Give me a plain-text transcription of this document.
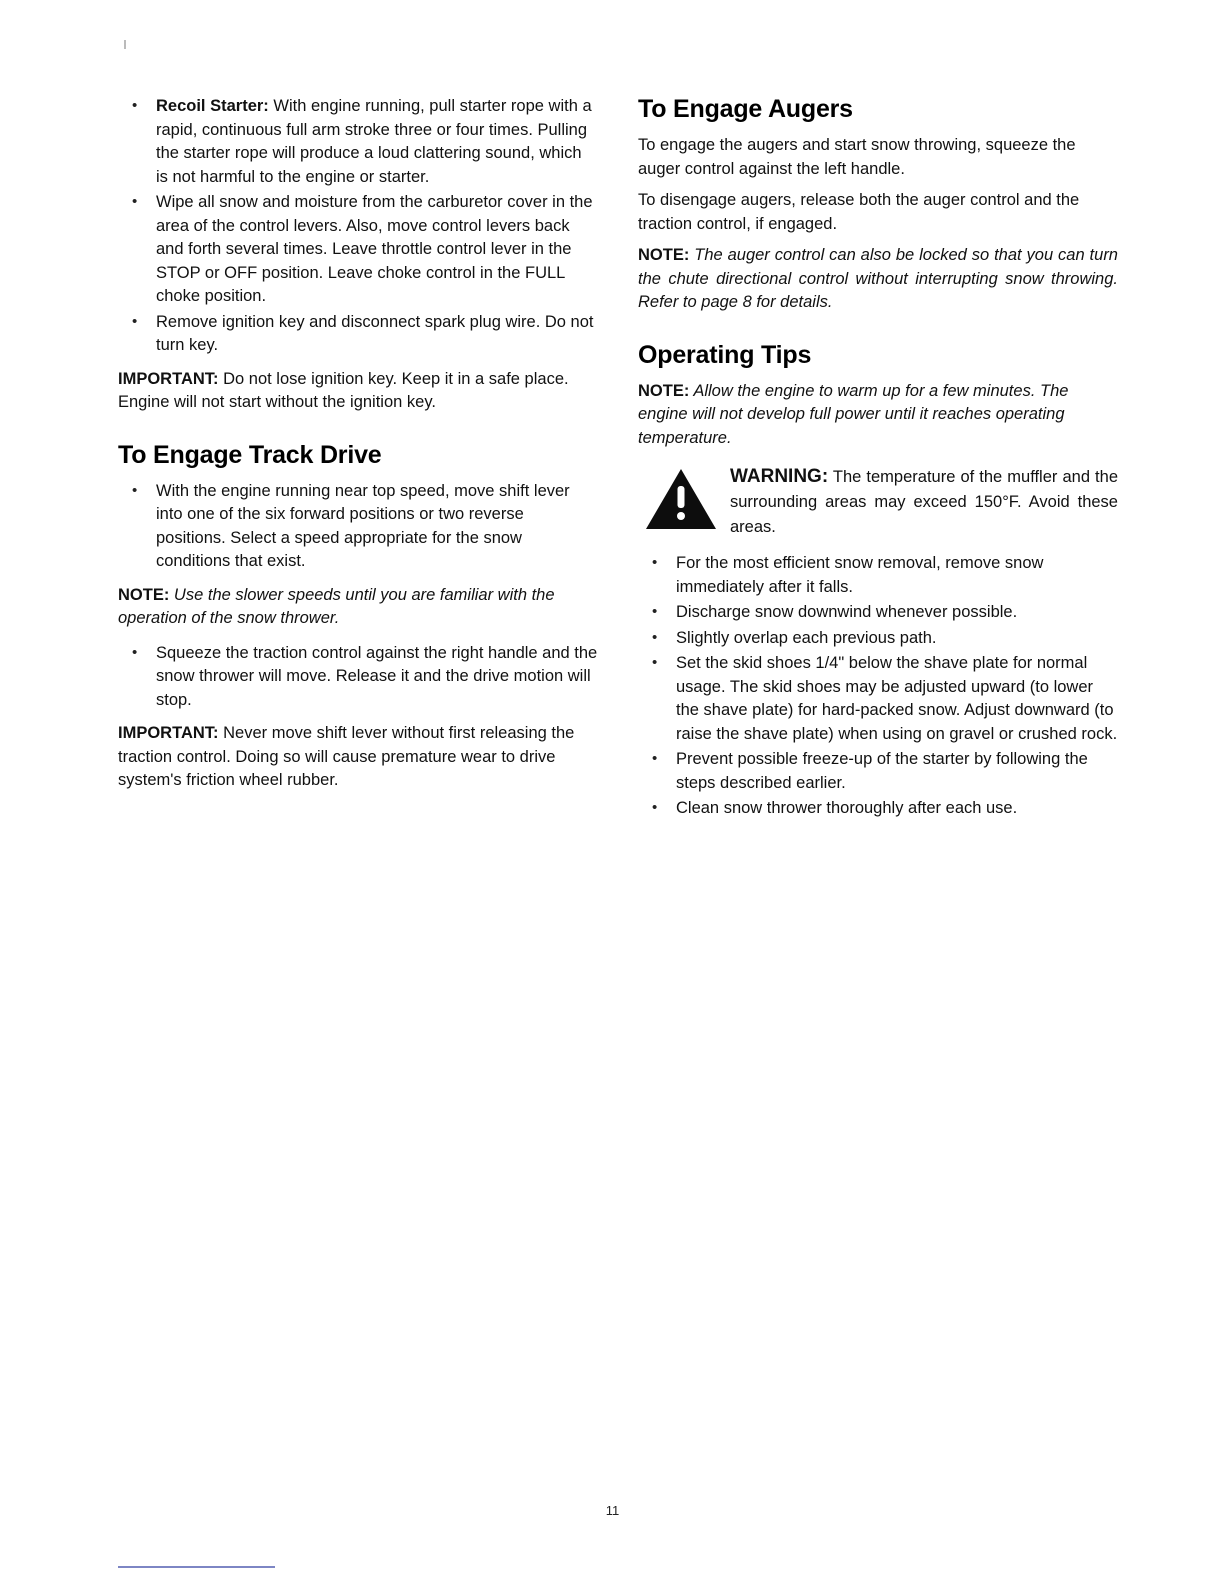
• Recoil Starter: With engine running, pull starter rope with a rapid, continuous full arm stroke three or four times. Pulling the starter rope will produce a loud clattering sound, which is not harmful to the engine or starter.
• Wipe all snow and moisture from the carburetor cover in the area of the control levers. Also, move control levers back and forth several times. Leave throttle control lever in the STOP or OFF position. Leave choke control in the FULL choke position.
• Remove ignition key and disconnect spark plug wire. Do not turn key.

IMPORTANT: Do not lose ignition key. Keep it in a safe place. Engine will not start without the ignition key.

To Engage Track Drive
• With the engine running near top speed, move shift lever into one of the six forward positions or two reverse positions. Select a speed appropriate for the snow conditions that exist.

NOTE: Use the slower speeds until you are familiar with the operation of the snow thrower.

• Squeeze the traction control against the right handle and the snow thrower will move. Release it and the drive motion will stop.

IMPORTANT: Never move shift lever without first releasing the traction control. Doing so will cause premature wear to drive system's friction wheel rubber.

To Engage Augers

To engage the augers and start snow throwing, squeeze the auger control against the left handle.

To disengage augers, release both the auger control and the traction control, if engaged.

NOTE: The auger control can also be locked so that you can turn the chute directional control without interrupting snow throwing. Refer to page 8 for details.

Operating Tips

NOTE: Allow the engine to warm up for a few minutes. The engine will not develop full power until it reaches operating temperature.

WARNING: The temperature of the muffler and the surrounding areas may exceed 150°F. Avoid these areas.
• For the most efficient snow removal, remove snow immediately after it falls.
• Discharge snow downwind whenever possible.
• Slightly overlap each previous path.
• Set the skid shoes 1/4" below the shave plate for normal usage. The skid shoes may be adjusted upward (to lower the shave plate) for hard-packed snow. Adjust downward (to raise the shave plate) when using on gravel or crushed rock.
• Prevent possible freeze-up of the starter by following the steps described earlier.
• Clean snow thrower thoroughly after each use.
11
